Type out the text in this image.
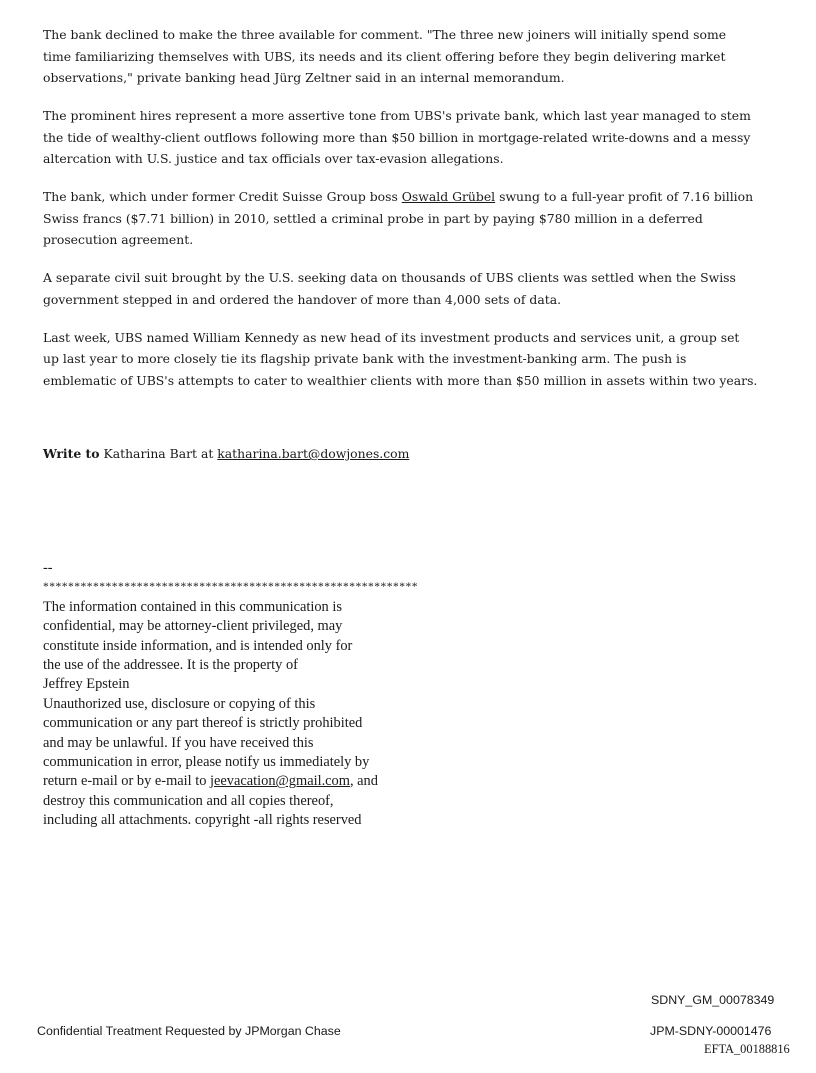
The bank declined to make the three available for comment. "The three new joiners will initially spend some time familiarizing themselves with UBS, its needs and its client offering before they begin delivering market observations," private banking head Jürg Zeltner said in an internal memorandum.

The prominent hires represent a more assertive tone from UBS's private bank, which last year managed to stem the tide of wealthy-client outflows following more than $50 billion in mortgage-related write-downs and a messy altercation with U.S. justice and tax officials over tax-evasion allegations.

The bank, which under former Credit Suisse Group boss Oswald Grübel swung to a full-year profit of 7.16 billion Swiss francs ($7.71 billion) in 2010, settled a criminal probe in part by paying $780 million in a deferred prosecution agreement.

A separate civil suit brought by the U.S. seeking data on thousands of UBS clients was settled when the Swiss government stepped in and ordered the handover of more than 4,000 sets of data.

Last week, UBS named William Kennedy as new head of its investment products and services unit, a group set up last year to more closely tie its flagship private bank with the investment-banking arm. The push is emblematic of UBS's attempts to cater to wealthier clients with more than $50 million in assets within two years.

Write to Katharina Bart at katharina.bart@dowjones.com
--
************************************************************
The information contained in this communication is
confidential, may be attorney-client privileged, may
constitute inside information, and is intended only for
the use of the addressee. It is the property of
Jeffrey Epstein
Unauthorized use, disclosure or copying of this
communication or any part thereof is strictly prohibited
and may be unlawful. If you have received this
communication in error, please notify us immediately by
return e-mail or by e-mail to jeevacation@gmail.com, and
destroy this communication and all copies thereof,
including all attachments. copyright -all rights reserved
SDNY_GM_00078349
Confidential Treatment Requested by JPMorgan Chase	JPM-SDNY-00001476
EFTA_00188816
